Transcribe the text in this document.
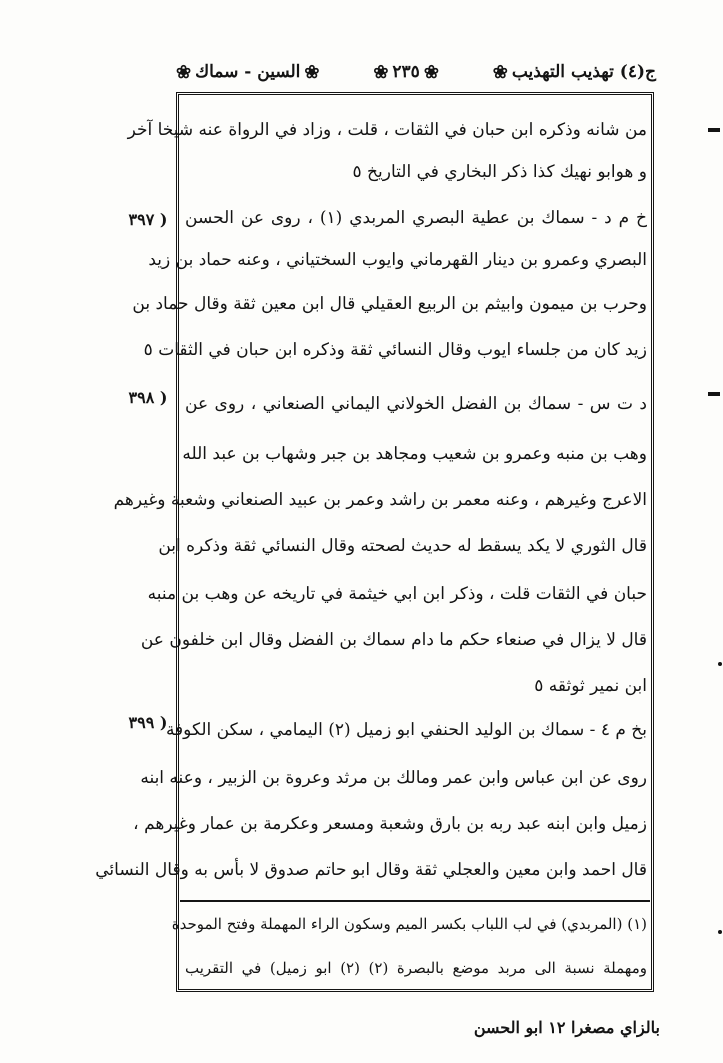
ج(٤) تهذيب التهذيب
❀
❀
٢٣٥
❀
❀
السين - سماك
❀
من شانه وذكره ابن حبان في الثقات ، قلت ، وزاد في الرواة عنه شيخا آخر
و هوابو نهيك كذا ذكر البخاري في التاريخ ٥
خ م د - سماك بن عطية البصري المربدي (١) ، روى عن الحسن
البصري وعمرو بن دينار القهرماني وايوب السختياني ، وعنه حماد بن زيد
وحرب بن ميمون وابيثم بن الربيع العقيلي قال ابن معين ثقة وقال حماد بن
زيد كان من جلساء ايوب وقال النسائي ثقة وذكره ابن حبان في الثقات ٥
د ت س - سماك بن الفضل الخولاني اليماني الصنعاني ، روى عن
وهب بن منبه وعمرو بن شعيب ومجاهد بن جبر وشهاب بن عبد الله
الاعرج وغيرهم ، وعنه معمر بن راشد وعمر بن عبيد الصنعاني وشعبة وغيرهم
قال الثوري لا يكد يسقط له حديث لصحته وقال النسائي ثقة وذكره ابن
حبان في الثقات قلت ، وذكر ابن ابي خيثمة في تاريخه عن وهب بن منبه
قال لا يزال في صنعاء حكم ما دام سماك بن الفضل وقال ابن خلفون عن
ابن نمير ثوثقه ٥
بخ م ٤ - سماك بن الوليد الحنفي ابو زميل (٢) اليمامي ، سكن الكوفة
روى عن ابن عباس وابن عمر ومالك بن مرثد وعروة بن الزبير ، وعنه ابنه
زميل وابن ابنه عبد ربه بن بارق وشعبة ومسعر وعكرمة بن عمار وغيرهم ،
قال احمد وابن معين والعجلي ثقة وقال ابو حاتم صدوق لا بأس به وقال النسائي
(١) (المربدي) في لب اللباب بكسر الميم وسكون الراء المهملة وفتح الموحدة
ومهملة نسبة الى مربد موضع بالبصرة (٢) (٢) ابو زميل) في التقريب
( ٣٩٧
( ٣٩٨
( ٣٩٩
بالزاي مصغرا ١٢ ابو الحسن
